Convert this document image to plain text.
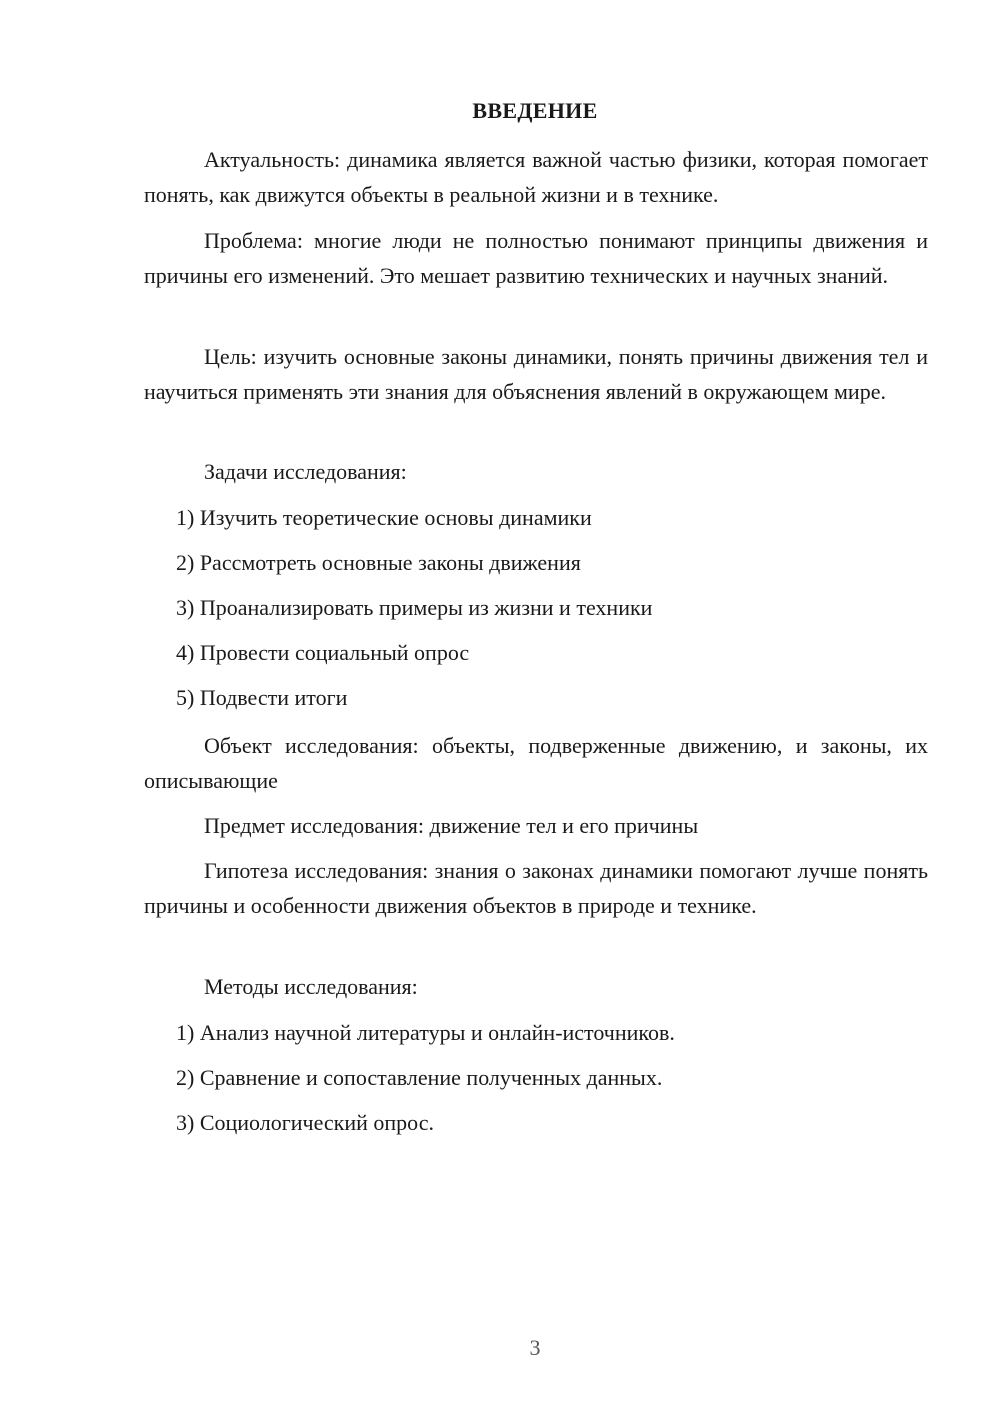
ВВЕДЕНИЕ

Актуальность: динамика является важной частью физики, которая помогает понять, как движутся объекты в реальной жизни и в технике.

Проблема: многие люди не полностью понимают принципы движения и причины его изменений. Это мешает развитию технических и научных знаний.

Цель: изучить основные законы динамики, понять причины движения тел и научиться применять эти знания для объяснения явлений в окружающем мире.

Задачи исследования:

1) Изучить теоретические основы динамики

2) Рассмотреть основные законы движения

3) Проанализировать примеры из жизни и техники

4) Провести социальный опрос

5) Подвести итоги

Объект исследования: объекты, подверженные движению, и законы, их описывающие

Предмет исследования: движение тел и его причины

Гипотеза исследования: знания о законах динамики помогают лучше понять причины и особенности движения объектов в природе и технике.

Методы исследования:

1) Анализ научной литературы и онлайн-источников.

2) Сравнение и сопоставление полученных данных.

3) Социологический опрос.

3
